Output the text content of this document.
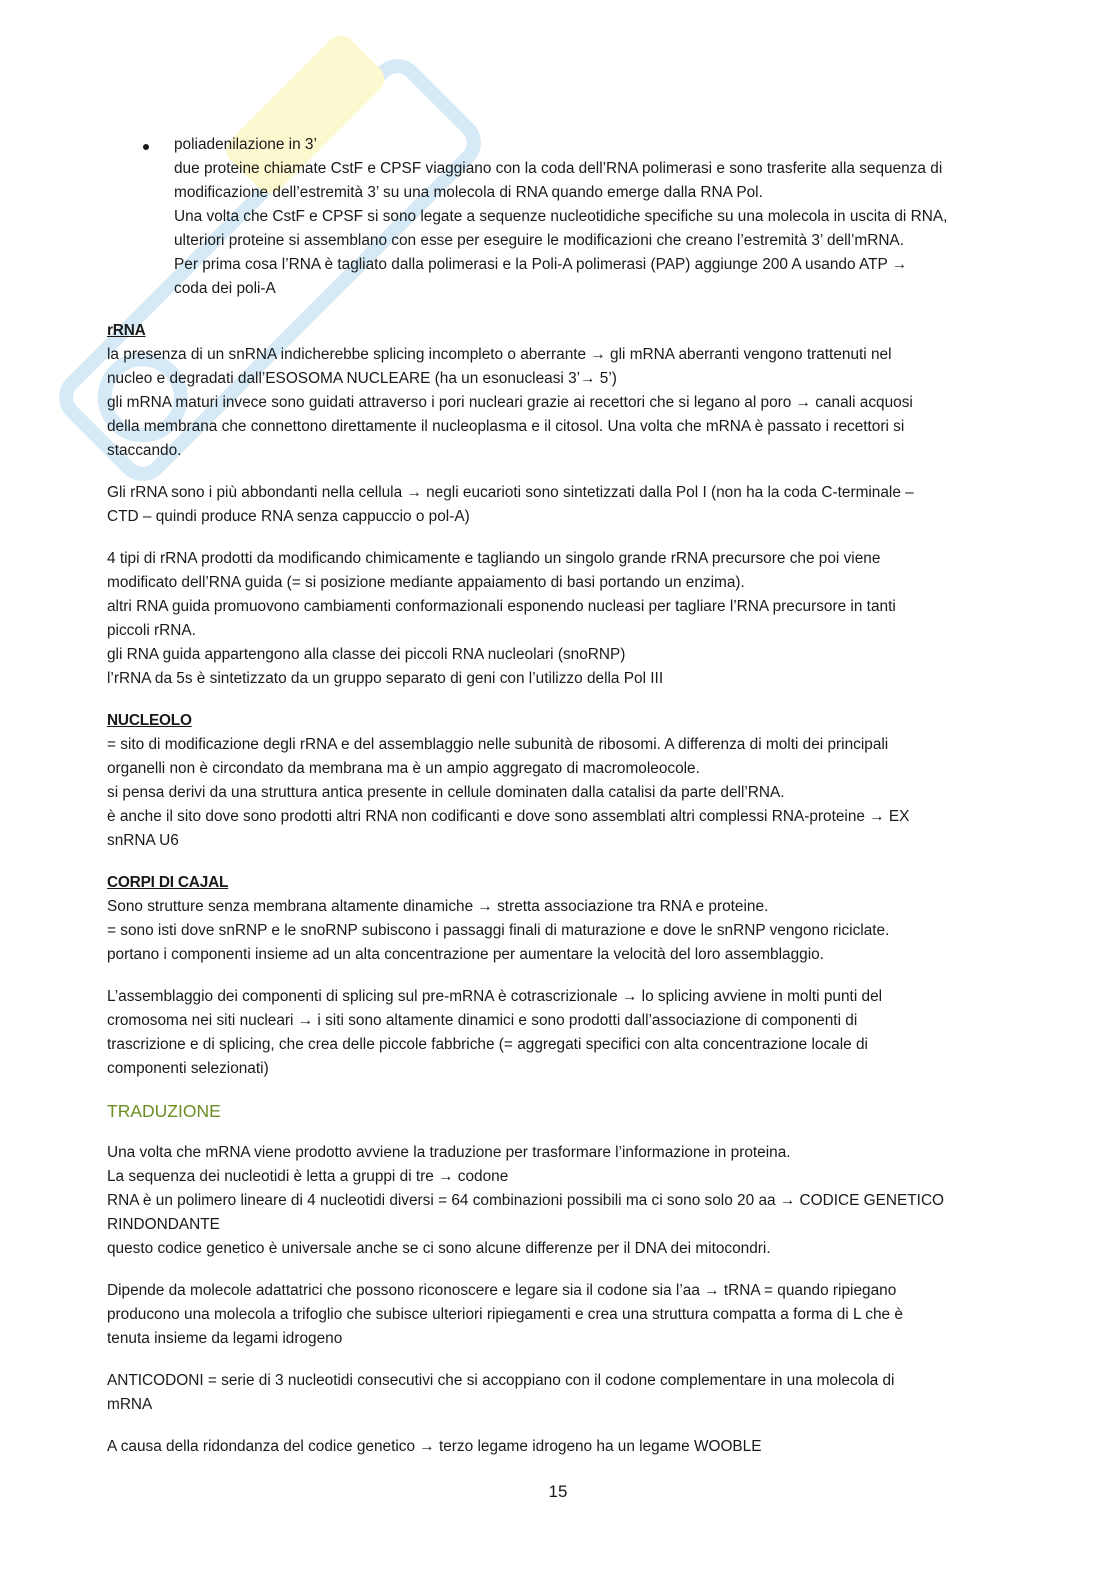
poliadenilazione in 3’
due proteine chiamate CstF e CPSF viaggiano con la coda dell’RNA polimerasi e sono trasferite alla sequenza di
modificazione dell’estremità 3’ su una molecola di RNA quando emerge dalla RNA Pol.
Una volta che CstF e CPSF si sono legate a sequenze nucleotidiche specifiche su una molecola in uscita di RNA,
ulteriori proteine si assemblano con esse per eseguire le modificazioni che creano l’estremità 3’ dell’mRNA.
Per prima cosa l’RNA è tagliato dalla polimerasi e la Poli-A polimerasi (PAP) aggiunge 200 A usando ATP →
coda dei poli-A
rRNA
la presenza di un snRNA indicherebbe splicing incompleto o aberrante → gli mRNA aberranti vengono trattenuti nel
nucleo e degradati dall’ESOSOMA NUCLEARE (ha un esonucleasi 3’→ 5’)
gli mRNA maturi invece sono guidati attraverso i pori nucleari grazie ai recettori che si legano al poro → canali acquosi
della membrana che connettono direttamente il nucleoplasma e il citosol. Una volta che mRNA è passato i recettori si
staccando.
Gli rRNA sono i più abbondanti nella cellula → negli eucarioti sono sintetizzati dalla Pol I (non ha la coda C-terminale –
CTD – quindi produce RNA senza cappuccio o pol-A)
4 tipi di rRNA prodotti da modificando chimicamente e tagliando un singolo grande rRNA precursore che poi viene
modificato dell’RNA guida (= si posizione mediante appaiamento di basi portando un enzima).
altri RNA guida promuovono cambiamenti conformazionali esponendo nucleasi per tagliare l’RNA precursore in tanti
piccoli rRNA.
gli RNA guida appartengono alla classe dei piccoli RNA nucleolari (snoRNP)
l’rRNA da 5s è sintetizzato da un gruppo separato di geni con l’utilizzo della Pol III
NUCLEOLO
= sito di modificazione degli rRNA e del assemblaggio nelle subunità de ribosomi. A differenza di molti dei principali
organelli non è circondato da membrana ma è un ampio aggregato di macromoleocole.
si pensa derivi da una struttura antica presente in cellule dominaten dalla catalisi da parte dell’RNA.
è anche il sito dove sono prodotti altri RNA non codificanti e dove sono assemblati altri complessi RNA-proteine → EX
snRNA U6
CORPI DI CAJAL
Sono strutture senza membrana altamente dinamiche → stretta associazione tra RNA e proteine.
= sono isti dove snRNP e le snoRNP subiscono i passaggi finali di maturazione e dove le snRNP vengono riciclate.
portano i componenti insieme ad un alta concentrazione per aumentare la velocità del loro assemblaggio.
L’assemblaggio dei componenti di splicing sul pre-mRNA è cotrascrizionale → lo splicing avviene in molti punti del
cromosoma nei siti nucleari → i siti sono altamente dinamici e sono prodotti dall’associazione di componenti di
trascrizione e di splicing, che crea delle piccole fabbriche (= aggregati specifici con alta concentrazione locale di
componenti selezionati)
TRADUZIONE
Una volta che mRNA viene prodotto avviene la traduzione per trasformare l’informazione in proteina.
La sequenza dei nucleotidi è letta a gruppi di tre → codone
RNA è un polimero lineare di 4 nucleotidi diversi = 64 combinazioni possibili ma ci sono solo 20 aa → CODICE GENETICO
RINDONDANTE
questo codice genetico è universale anche se ci sono alcune differenze per il DNA dei mitocondri.
Dipende da molecole adattatrici che possono riconoscere e legare sia il codone sia l’aa → tRNA = quando ripiegano
producono una molecola a trifoglio che subisce ulteriori ripiegamenti e crea una struttura compatta a forma di L che è
tenuta insieme da legami idrogeno
ANTICODONI = serie di 3 nucleotidi consecutivi che si accoppiano con il codone complementare in una molecola di
mRNA
A causa della ridondanza del codice genetico → terzo legame idrogeno ha un legame WOOBLE
15
